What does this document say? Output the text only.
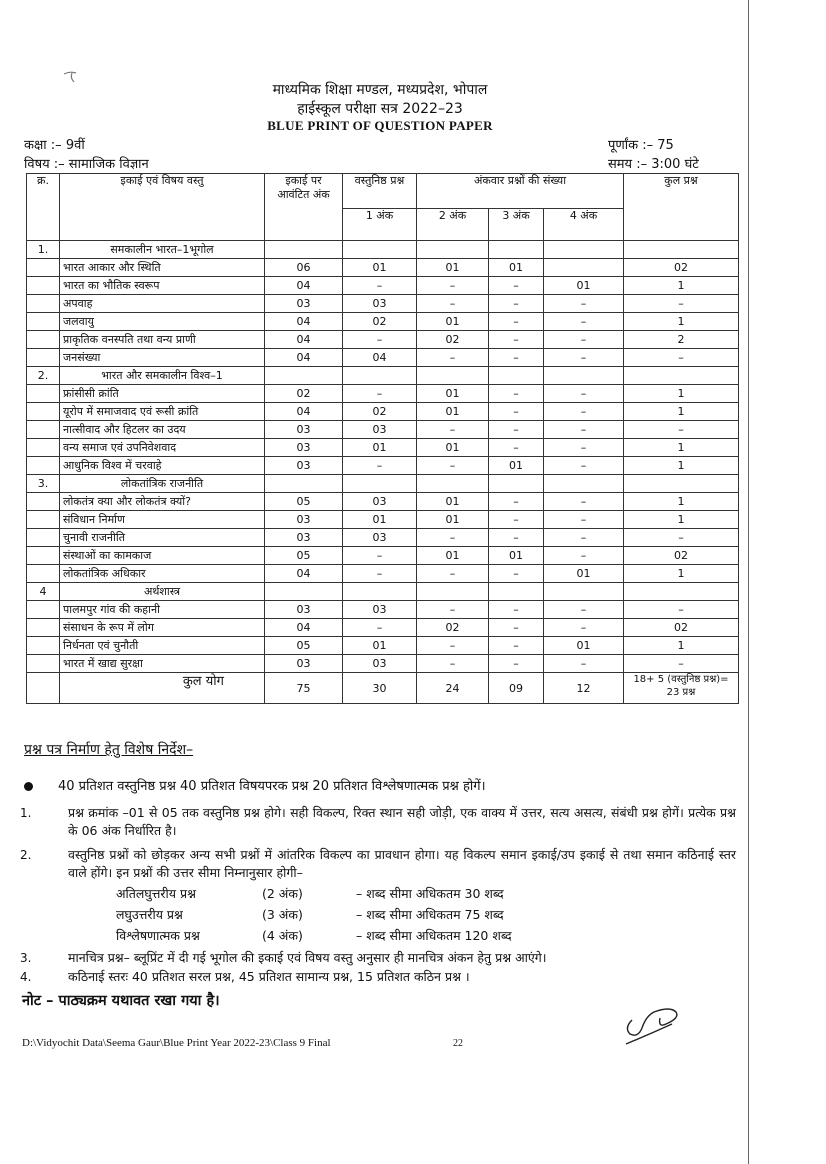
माध्यमिक शिक्षा मण्डल, मध्यप्रदेश, भोपाल
हाईस्कूल परीक्षा सत्र 2022–23
BLUE PRINT OF QUESTION PAPER
कक्षा :– 9वीं
विषय :– सामाजिक विज्ञान
पूर्णांक :– 75
समय :– 3:00 घंटे
क्र.	इकाई एवं विषय वस्तु	इकाई पर आवंटित अंक	वस्तुनिष्ठ प्रश्न	अंकवार प्रश्नों की संख्या			कुल प्रश्न
			1 अंक	2 अंक	3 अंक	4 अंक	
1.	समकालीन भारत–1भूगोल						
	भारत आकार और स्थिति	06	01	01	01		02
	भारत का भौतिक स्वरूप	04	–	–	–	01	1
	अपवाह	03	03	–	–	–	–
	जलवायु	04	02	01	–	–	1
	प्राकृतिक वनस्पति तथा वन्य प्राणी	04	–	02	–	–	2
	जनसंख्या	04	04	–	–	–	–
2.	भारत और समकालीन विश्व–1						
	फ्रांसीसी क्रांति	02	–	01	–	–	1
	यूरोप में समाजवाद एवं रूसी क्रांति	04	02	01	–	–	1
	नात्सीवाद और हिटलर का उदय	03	03	–	–	–	–
	वन्य समाज एवं उपनिवेशवाद	03	01	01	–	–	1
	आधुनिक विश्व में चरवाहे	03	–	–	01	–	1
3.	लोकतांत्रिक राजनीति						
	लोकतंत्र क्या और लोकतंत्र क्यों?	05	03	01	–	–	1
	संविधान निर्माण	03	01	01	–	–	1
	चुनावी राजनीति	03	03	–	–	–	–
	संस्थाओं का कामकाज	05	–	01	01	–	02
	लोकतांत्रिक अधिकार	04	–	–	–	01	1
4	अर्थशास्त्र						
	पालमपुर गांव की कहानी	03	03	–	–	–	–
	संसाधन के रूप में लोग	04	–	02	–	–	02
	निर्धनता एवं चुनौती	05	01	–	–	01	1
	भारत में खाद्य सुरक्षा	03	03	–	–	–	–
	कुल योग	75	30	24	09	12	18+ 5 (वस्तुनिष्ठ प्रश्न)= 23 प्रश्न
प्रश्न पत्र निर्माण हेतु विशेष निर्देश–
40 प्रतिशत वस्तुनिष्ठ प्रश्न 40 प्रतिशत विषयपरक प्रश्न 20 प्रतिशत विश्लेषणात्मक प्रश्न होगें।
1.	प्रश्न क्रमांक –01 से 05 तक वस्तुनिष्ठ प्रश्न होगे। सही विकल्प, रिक्त स्थान सही जोड़ी, एक वाक्य में उत्तर, सत्य असत्य, संबंधी प्रश्न होगें। प्रत्येक प्रश्न के 06 अंक निर्धारित है।
2.	वस्तुनिष्ठ प्रश्नों को छोड़कर अन्य सभी प्रश्नों में आंतरिक विकल्प का प्रावधान होगा। यह विकल्प समान इकाई/उप इकाई से तथा समान कठिनाई स्तर वाले होंगे। इन प्रश्नों की उत्तर सीमा निम्नानुसार होगी–
अतिलघुत्तरीय प्रश्न	(2 अंक)	– शब्द सीमा अधिकतम 30 शब्द
लघुउत्तरीय प्रश्न	(3 अंक)	– शब्द सीमा अधिकतम 75 शब्द
विश्लेषणात्मक प्रश्न	(4 अंक)	– शब्द सीमा अधिकतम 120 शब्द
3.	मानचित्र प्रश्न– ब्लूप्रिंट में दी गई भूगोल की इकाई एवं विषय वस्तु अनुसार ही मानचित्र अंकन हेतु प्रश्न आएंगे।
4.	कठिनाई स्तरः 40 प्रतिशत सरल प्रश्न, 45 प्रतिशत सामान्य प्रश्न, 15 प्रतिशत कठिन प्रश्न ।
नोट – पाठ्यक्रम यथावत रखा गया है।
D:\Vidyochit Data\Seema Gaur\Blue Print Year 2022-23\Class 9 Final	22
